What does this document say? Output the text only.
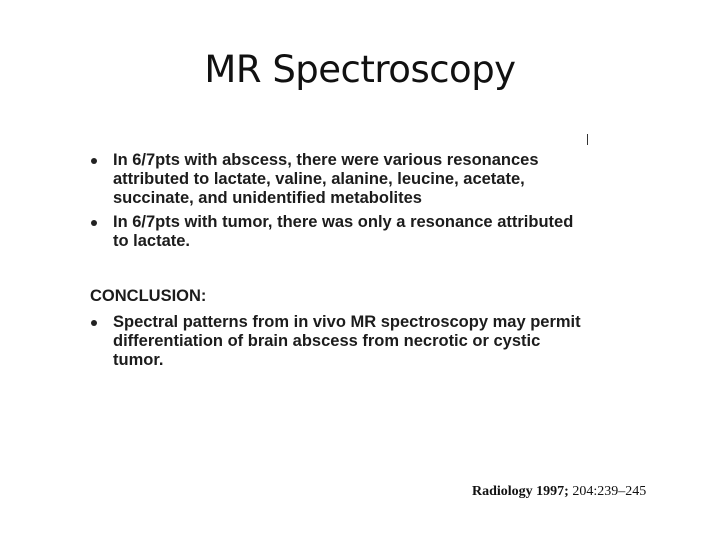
MR Spectroscopy
In 6/7pts with abscess, there were various resonances
attributed to lactate, valine, alanine, leucine, acetate,
succinate, and unidentified metabolites
In 6/7pts with tumor, there was only a resonance attributed
to lactate.
CONCLUSION:
Spectral patterns from in vivo MR spectroscopy may permit
differentiation of brain abscess from necrotic or cystic
tumor.
Radiology 1997; 204:239–245
